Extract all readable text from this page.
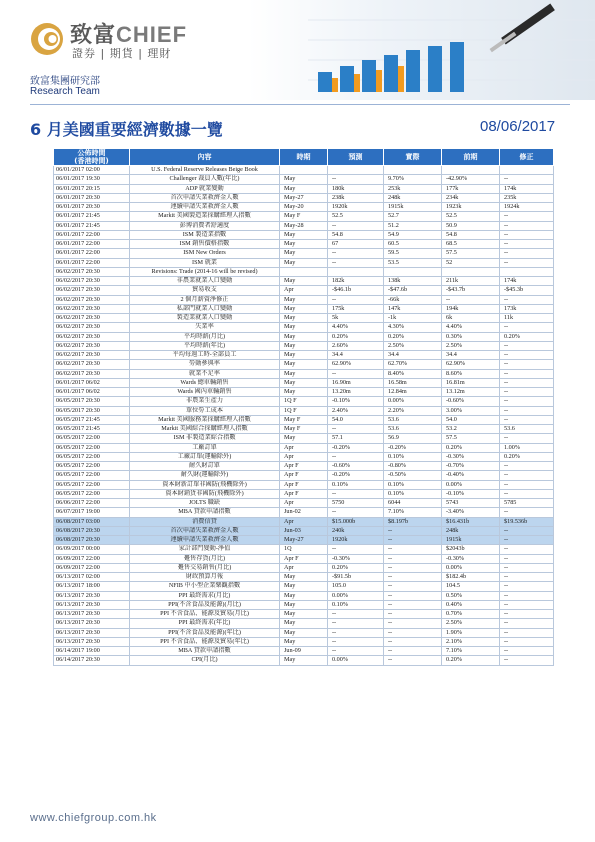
致富CHIEF
證券 | 期貨 | 理財
致富集團研究部
Research Team
6 月美國重要經濟數據一覽	08/06/2017
公佈時間
(香港時間)	內容	時期	預測	實際	前期	修正
06/01/2017 02:00	U.S. Federal Reserve Releases Beige Book					
06/01/2017 19:30	Challenger 裁員人數(年比)	May	--	9.70%	-42.90%	--
06/01/2017 20:15	ADP 就業變動	May	180k	253k	177k	174k
06/01/2017 20:30	首次申請失業救濟金人數	May-27	238k	248k	234k	235k
06/01/2017 20:30	連續申請失業救濟金人數	May-20	1920k	1915k	1923k	1924k
06/01/2017 21:45	Markit 美國製造業採購經理人指數	May F	52.5	52.7	52.5	--
06/01/2017 21:45	彭博消費者舒適度	May-28	--	51.2	50.9	--
06/01/2017 22:00	ISM 製造業指數	May	54.8	54.9	54.8	--
06/01/2017 22:00	ISM 銷售價格指數	May	67	60.5	68.5	--
06/01/2017 22:00	ISM New Orders	May	--	59.5	57.5	--
06/01/2017 22:00	ISM 就業	May	--	53.5	52	--
06/02/2017 20:30	Revisions: Trade (2014-16 will be revised)					
06/02/2017 20:30	非農業就業人口變動	May	182k	138k	211k	174k
06/02/2017 20:30	貿易收支	Apr	-$46.1b	-$47.6b	-$43.7b	-$45.3b
06/02/2017 20:30	2 個月薪資淨修正	May	--	-66k	--	--
06/02/2017 20:30	私部門就業人口變動	May	175k	147k	194k	173k
06/02/2017 20:30	製造業就業人口變動	May	5k	-1k	6k	11k
06/02/2017 20:30	失業率	May	4.40%	4.30%	4.40%	--
06/02/2017 20:30	平均時薪(月比)	May	0.20%	0.20%	0.30%	0.20%
06/02/2017 20:30	平均時薪(年比)	May	2.60%	2.50%	2.50%	--
06/02/2017 20:30	平均每週工時-全部員工	May	34.4	34.4	34.4	--
06/02/2017 20:30	勞動參與率	May	62.90%	62.70%	62.90%	--
06/02/2017 20:30	就業不足率	May	--	8.40%	8.60%	--
06/01/2017 06/02	Wards 總車輛銷售	May	16.90m	16.58m	16.81m	--
06/01/2017 06/02	Wards 國內車輛銷售	May	13.20m	12.84m	13.12m	--
06/05/2017 20:30	非農業生產力	1Q F	-0.10%	0.00%	-0.60%	--
06/05/2017 20:30	單位勞工成本	1Q F	2.40%	2.20%	3.00%	--
06/05/2017 21:45	Markit 美國服務業採購經理人指數	May F	54.0	53.6	54.0	--
06/05/2017 21:45	Markit 美國綜合採購經理人指數	May F	--	53.6	53.2	53.6
06/05/2017 22:00	ISM 非製造業綜合指數	May	57.1	56.9	57.5	--
06/05/2017 22:00	工廠訂單	Apr	-0.20%	-0.20%	0.20%	1.00%
06/05/2017 22:00	工廠訂單(運輸除外)	Apr	--	0.10%	-0.30%	0.20%
06/05/2017 22:00	耐久財訂單	Apr F	-0.60%	-0.80%	-0.70%	--
06/05/2017 22:00	耐久財(運輸除外)	Apr F	-0.20%	-0.50%	-0.40%	--
06/05/2017 22:00	資本財新訂單非國防(飛機除外)	Apr F	0.10%	0.10%	0.00%	--
06/05/2017 22:00	資本財銷貨非國防(飛機除外)	Apr F	--	0.10%	-0.10%	--
06/06/2017 22:00	JOLTS 職缺	Apr	5750	6044	5743	5785
06/07/2017 19:00	MBA 貸款申請指數	Jun-02	--	7.10%	-3.40%	--
06/08/2017 03:00	消費信貸	Apr	$15.000b	$8.197b	$16.431b	$19.536b
06/08/2017 20:30	首次申請失業救濟金人數	Jun-03	240k	--	248k	--
06/08/2017 20:30	連續申請失業救濟金人數	May-27	1920k	--	1915k	--
06/09/2017 00:00	家計部門變動-淨值	1Q	--	--	$2043b	--
06/09/2017 22:00	躉售存貨(月比)	Apr F	-0.30%	--	-0.30%	--
06/09/2017 22:00	躉售交易銷售(月比)	Apr	0.20%	--	0.00%	--
06/13/2017 02:00	財政預算月報	May	-$91.5b	--	$182.4b	--
06/13/2017 18:00	NFIB 中小型企業樂觀指數	May	105.0	--	104.5	--
06/13/2017 20:30	PPI 最終需求(月比)	May	0.00%	--	0.50%	--
06/13/2017 20:30	PPI(不含食品及能源)(月比)	May	0.10%	--	0.40%	--
06/13/2017 20:30	PPI 不含食品、能源及貿易(月比)	May	--	--	0.70%	--
06/13/2017 20:30	PPI 最終需求(年比)	May	--	--	2.50%	--
06/13/2017 20:30	PPI(不含食品及能源)(年比)	May	--	--	1.90%	--
06/13/2017 20:30	PPI 不含食品、能源及貿易(年比)	May	--	--	2.10%	--
06/14/2017 19:00	MBA 貸款申請指數	Jun-09	--	--	7.10%	--
06/14/2017 20:30	CPI(月比)	May	0.00%	--	0.20%	--
www.chiefgroup.com.hk
